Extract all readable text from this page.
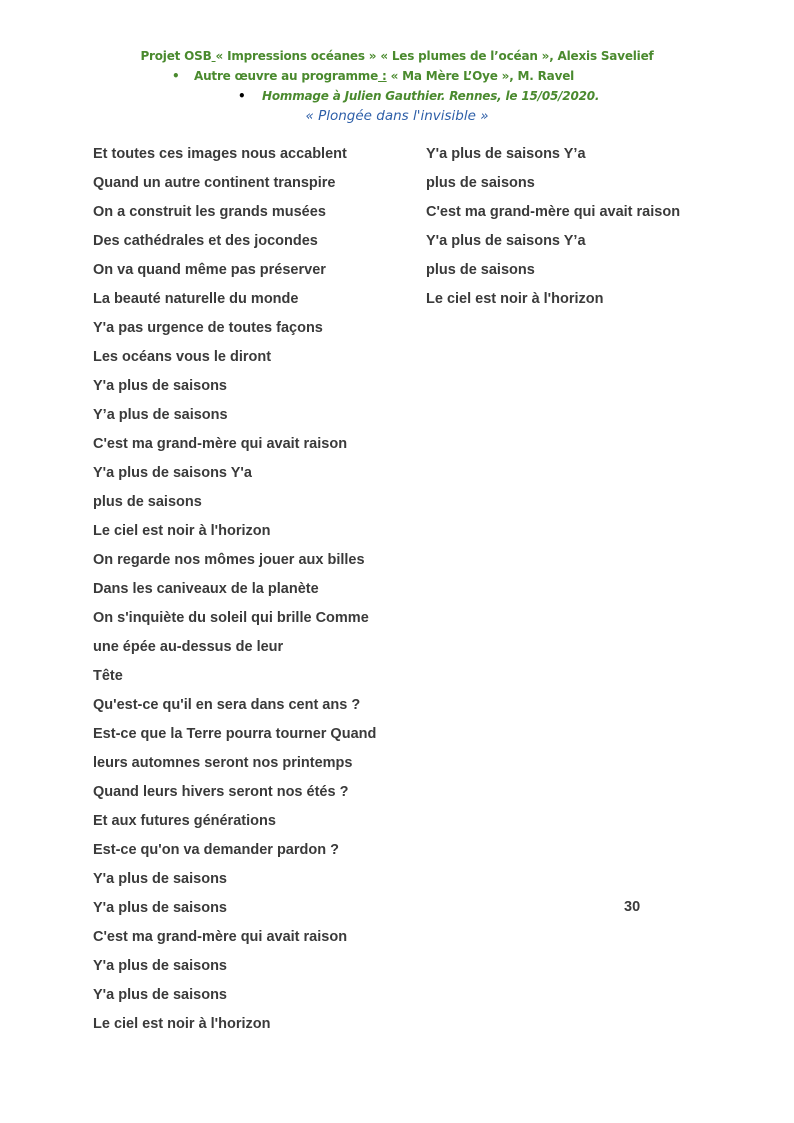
Projet OSB « Impressions océanes » « Les plumes de l’océan », Alexis Savelief
• Autre œuvre au programme : « Ma Mère L’Oye », M. Ravel
• Hommage à Julien Gauthier. Rennes, le 15/05/2020.
« Plongée dans l'invisible »
Et toutes ces images nous accablent
Quand un autre continent transpire
On a construit les grands musées
Des cathédrales et des jocondes
On va quand même pas préserver
La beauté naturelle du monde
Y'a pas urgence de toutes façons
Les océans vous le diront
Y'a plus de saisons
Y’a plus de saisons
C'est ma grand-mère qui avait raison
Y'a plus de saisons Y'a
plus de saisons
Le ciel est noir à l'horizon
On regarde nos mômes jouer aux billes
Dans les caniveaux de la planète
On s'inquiète du soleil qui brille Comme
une épée au-dessus de leur
Tête
Qu'est-ce qu'il en sera dans cent ans ?
Est-ce que la Terre pourra tourner Quand
leurs automnes seront nos printemps
Quand leurs hivers seront nos étés ?
Et aux futures générations
Est-ce qu'on va demander pardon ?
Y'a plus de saisons
Y'a plus de saisons
C'est ma grand-mère qui avait raison
Y'a plus de saisons
Y'a plus de saisons
Le ciel est noir à l'horizon
Y'a plus de saisons Y’a
plus de saisons
C'est ma grand-mère qui avait raison
Y'a plus de saisons Y’a
plus de saisons
Le ciel est noir à l'horizon
30
